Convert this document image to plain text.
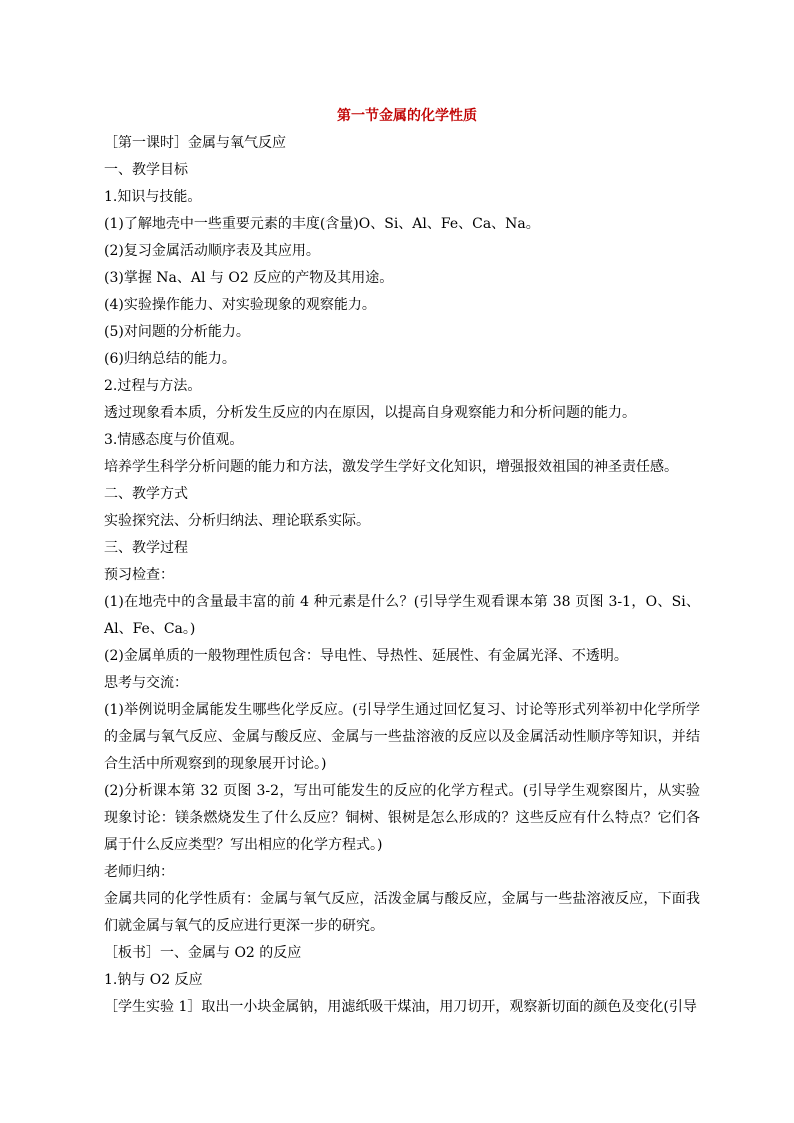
第一节金属的化学性质
［第一课时］金属与氧气反应
一、教学目标
1.知识与技能。
(1)了解地壳中一些重要元素的丰度(含量)O、Si、Al、Fe、Ca、Na。
(2)复习金属活动顺序表及其应用。
(3)掌握 Na、Al 与 O2 反应的产物及其用途。
(4)实验操作能力、对实验现象的观察能力。
(5)对问题的分析能力。
(6)归纳总结的能力。
2.过程与方法。
透过现象看本质，分析发生反应的内在原因，以提高自身观察能力和分析问题的能力。
3.情感态度与价值观。
培养学生科学分析问题的能力和方法，激发学生学好文化知识，增强报效祖国的神圣责任感。
二、教学方式
实验探究法、分析归纳法、理论联系实际。
三、教学过程
预习检查：
(1)在地壳中的含量最丰富的前 4 种元素是什么？(引导学生观看课本第 38 页图 3-1，O、Si、Al、Fe、Ca。)
(2)金属单质的一般物理性质包含：导电性、导热性、延展性、有金属光泽、不透明。
思考与交流：
(1)举例说明金属能发生哪些化学反应。(引导学生通过回忆复习、讨论等形式列举初中化学所学的金属与氧气反应、金属与酸反应、金属与一些盐溶液的反应以及金属活动性顺序等知识，并结合生活中所观察到的现象展开讨论。)
(2)分析课本第 32 页图 3-2，写出可能发生的反应的化学方程式。(引导学生观察图片，从实验现象讨论：镁条燃烧发生了什么反应？铜树、银树是怎么形成的？这些反应有什么特点？它们各属于什么反应类型？写出相应的化学方程式。)
老师归纳：
金属共同的化学性质有：金属与氧气反应，活泼金属与酸反应，金属与一些盐溶液反应，下面我们就金属与氧气的反应进行更深一步的研究。
［板书］一、金属与 O2 的反应
1.钠与 O2 反应
［学生实验 1］取出一小块金属钠，用滤纸吸干煤油，用刀切开，观察新切面的颜色及变化(引导
